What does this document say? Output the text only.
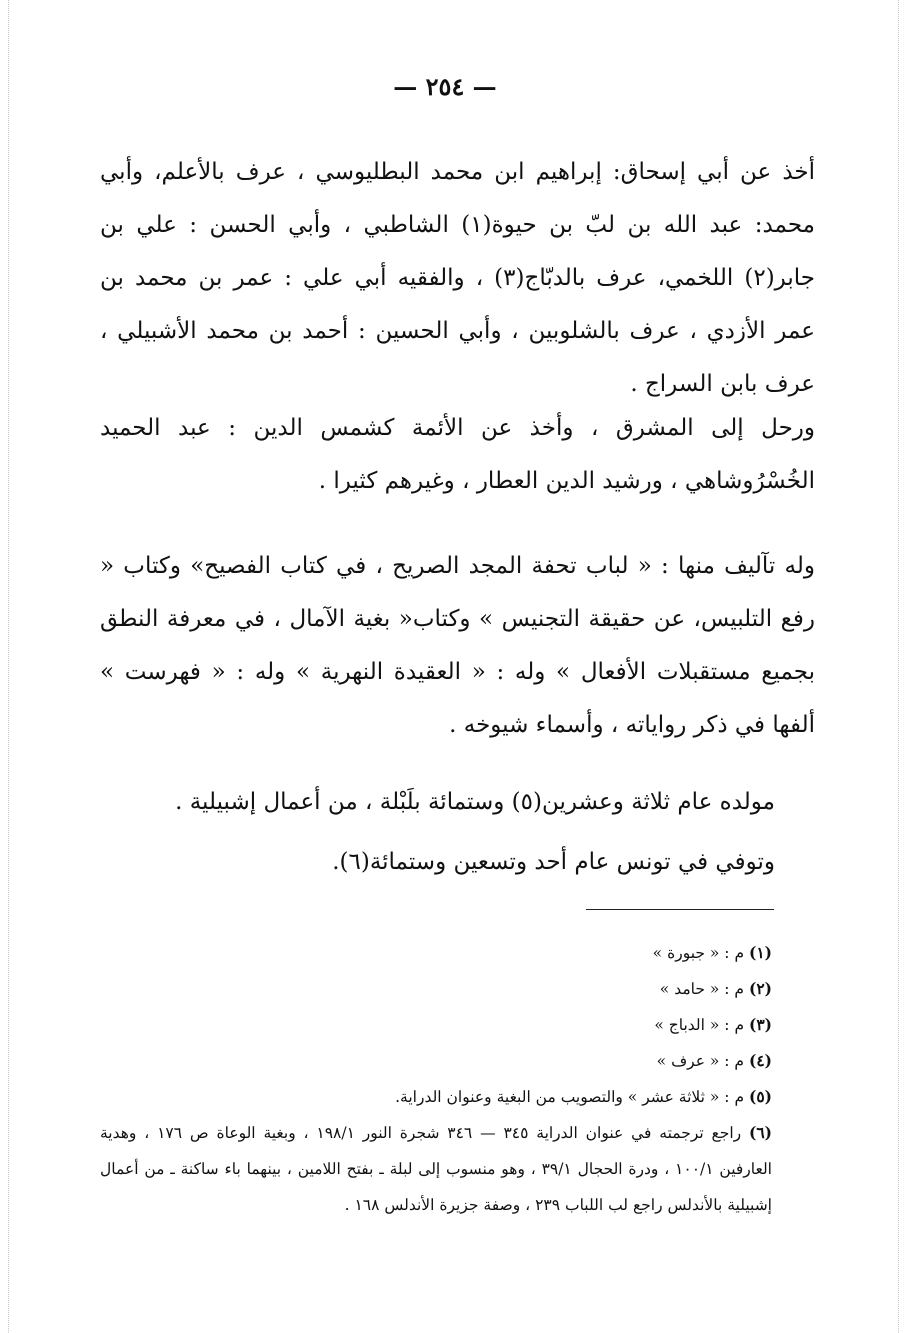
— ٢٥٤ —

أخذ عن أبي إسحاق: إبراهيم ابن محمد البطليوسي ، عرف بالأعلم، وأبي محمد: عبد الله بن لبّ بن حيوة(١) الشاطبي ، وأبي الحسن : علي بن جابر(٢) اللخمي، عرف بالدبّاج(٣) ، والفقيه أبي علي : عمر بن محمد بن عمر الأزدي ، عرف بالشلوبين ، وأبي الحسين : أحمد بن محمد الأشبيلي ، عرف بابن السراج .

ورحل إلى المشرق ، وأخذ عن الأئمة كشمس الدين : عبد الحميد الخُسْرُوشاهي ، ورشيد الدين العطار ، وغيرهم كثيرا .

وله تآليف منها : « لباب تحفة المجد الصريح ، في كتاب الفصيح» وكتاب « رفع التلبيس، عن حقيقة التجنيس » وكتاب« بغية الآمال ، في معرفة النطق بجميع مستقبلات الأفعال » وله : « العقيدة النهرية » وله : « فهرست » ألفها في ذكر رواياته ، وأسماء شيوخه .

مولده عام ثلاثة وعشرين(٥) وستمائة بلَبْلة ، من أعمال إشبيلية .

وتوفي في تونس عام أحد وتسعين وستمائة(٦).

(١) م : « جبورة »

(٢) م : « حامد »

(٣) م : « الدباج »

(٤) م : « عرف »

(٥) م : « ثلاثة عشر » والتصويب من البغية وعنوان الدراية.

(٦) راجع ترجمته في عنوان الدراية ٣٤٥ — ٣٤٦ شجرة النور ١٩٨/١ ، وبغية الوعاة ص ١٧٦ ، وهدية العارفين ١٠٠/١ ، ودرة الحجال ٣٩/١ ، وهو منسوب إلى لبلة ـ بفتح اللامين ، بينهما باء ساكنة ـ من أعمال إشبيلية بالأندلس راجع لب اللباب ٢٣٩ ، وصفة جزيرة الأندلس ١٦٨ .
